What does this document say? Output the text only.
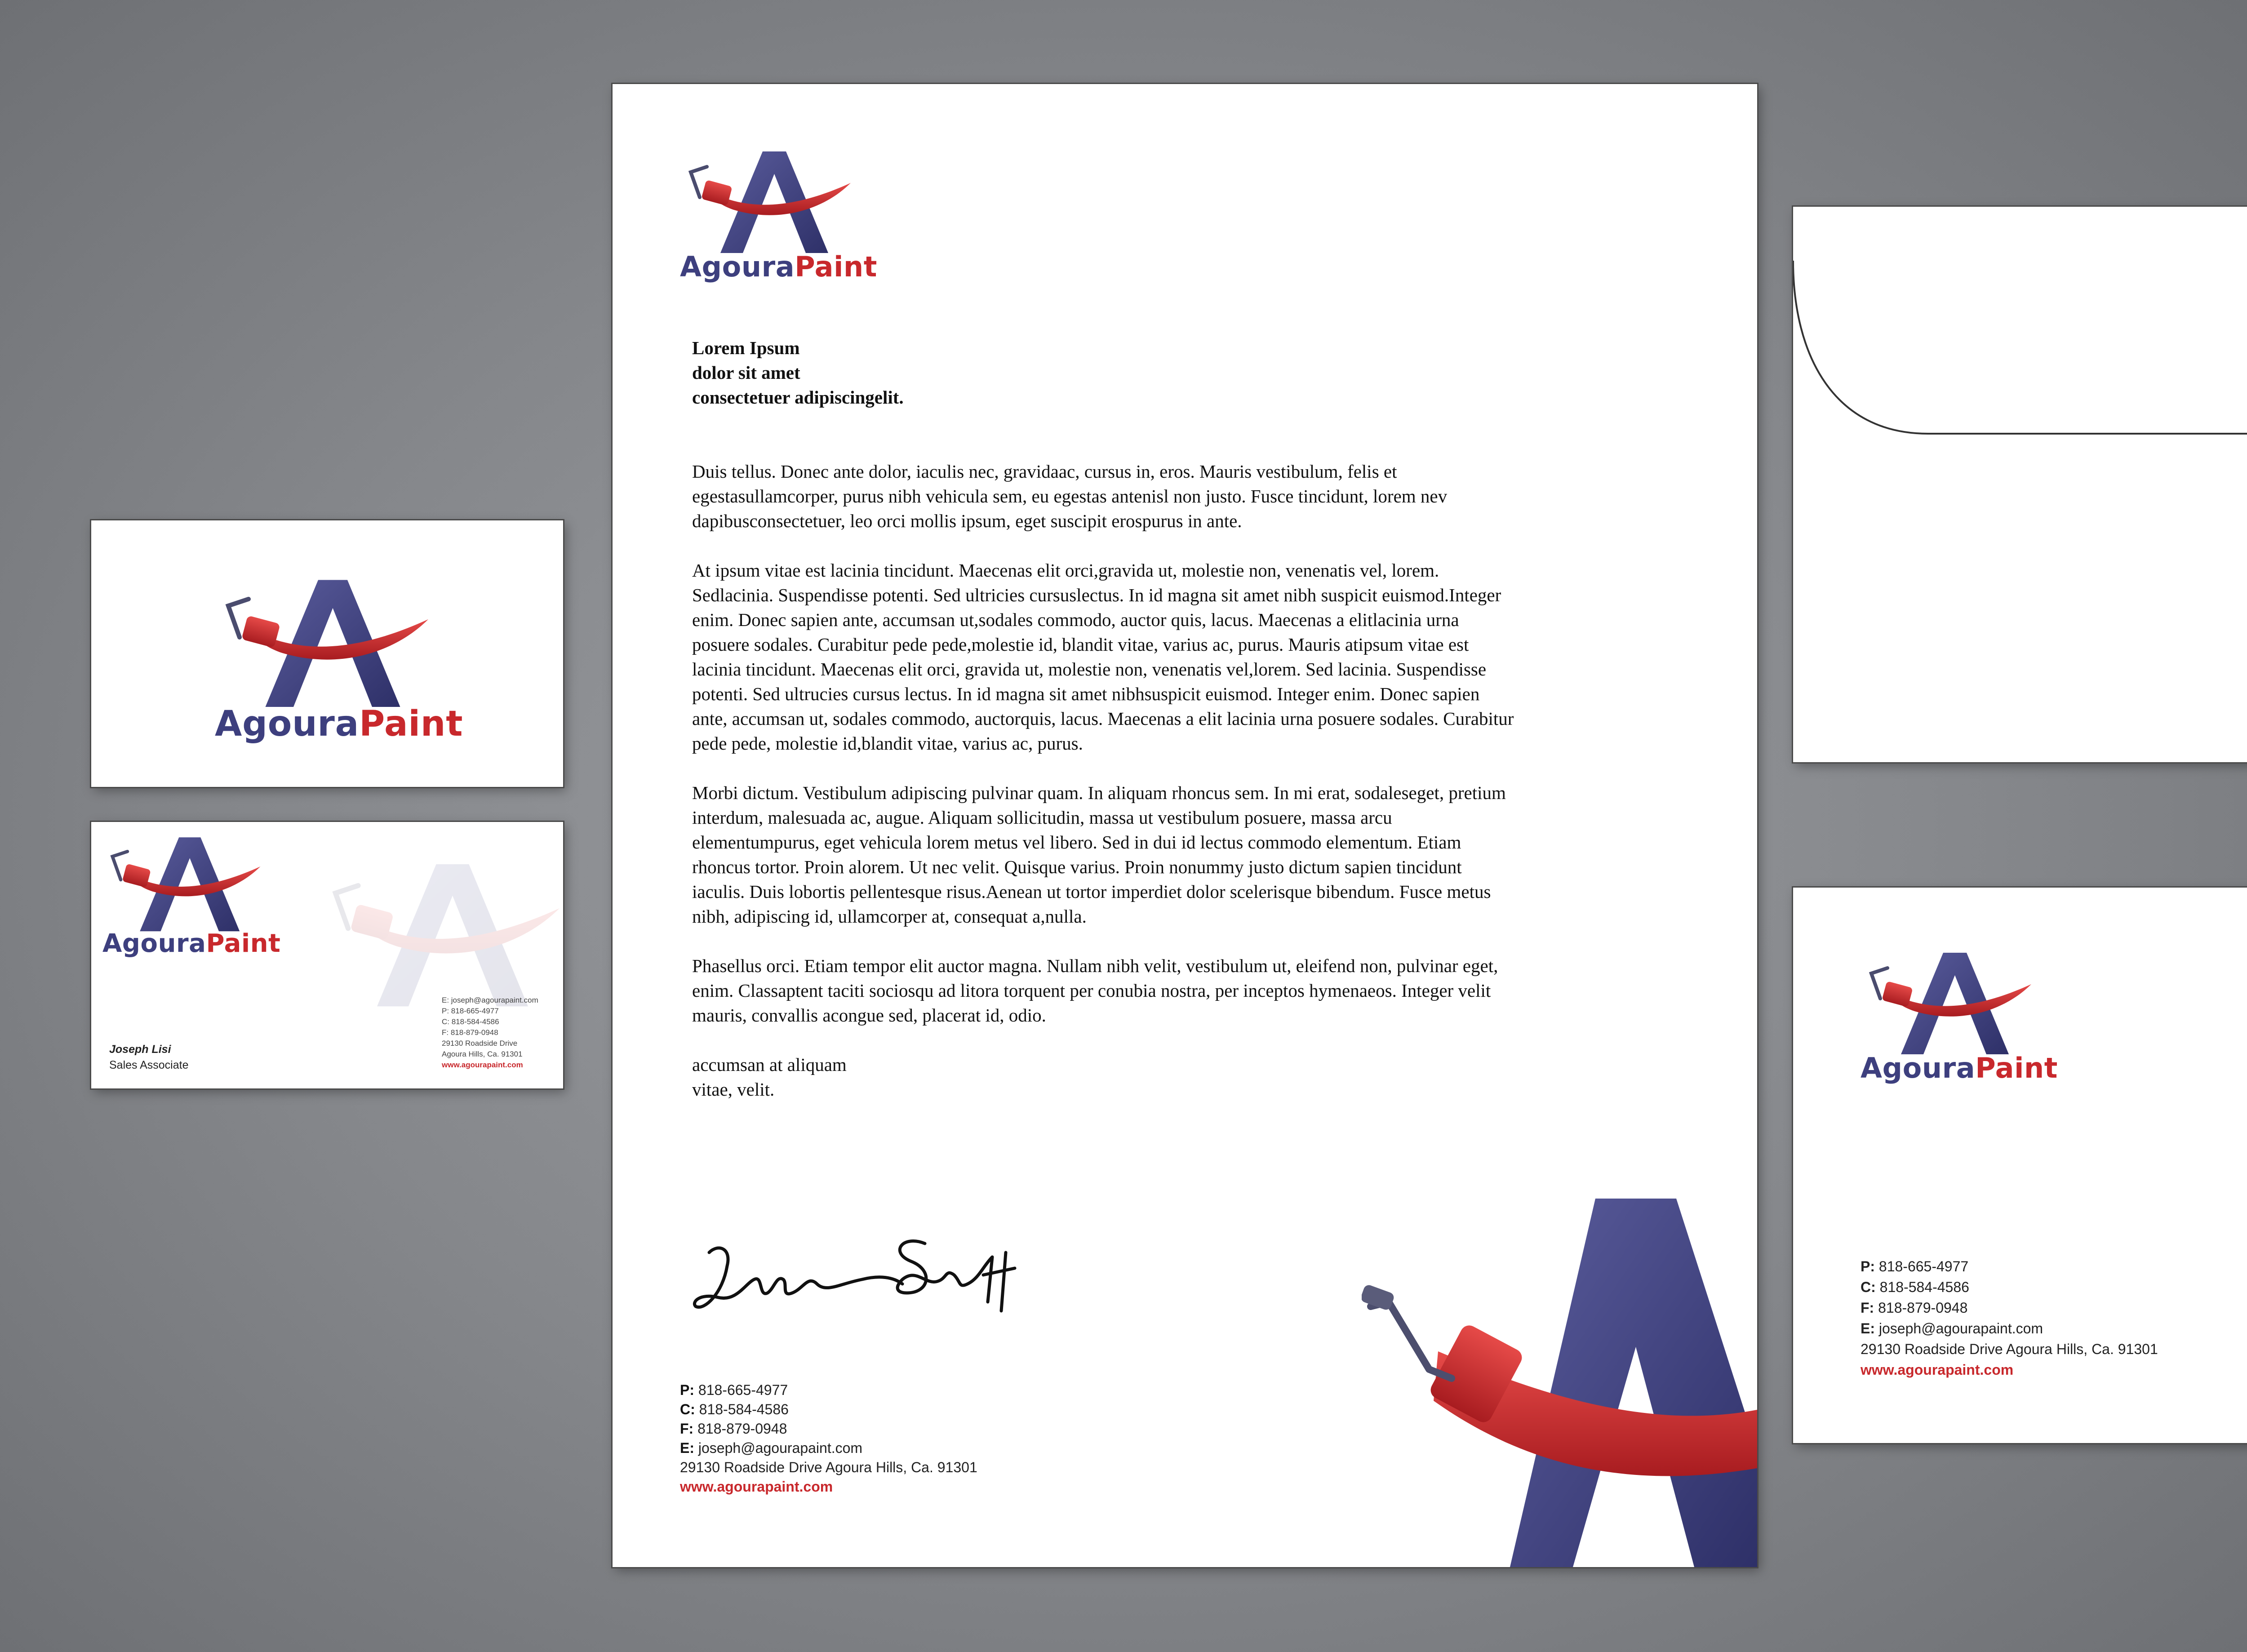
AgouraPaint
AgouraPaint
E: joseph@agourapaint.com
P: 818-665-4977
C: 818-584-4586
F: 818-879-0948
29130 Roadside Drive
Agoura Hills, Ca. 91301
www.agourapaint.com
Joseph Lisi
Sales Associate
AgouraPaint
Lorem Ipsum
dolor sit amet
consectetuer adipiscingelit.

Duis tellus. Donec ante dolor, iaculis nec, gravidaac, cursus in, eros. Mauris vestibulum, felis et egestasullamcorper, purus nibh vehicula sem, eu egestas antenisl non justo. Fusce tincidunt, lorem nev dapibusconsectetuer, leo orci mollis ipsum, eget suscipit erospurus in ante.

At ipsum vitae est lacinia tincidunt. Maecenas elit orci,gravida ut, molestie non, venenatis vel, lorem. Sedlacinia. Suspendisse potenti. Sed ultricies cursuslectus. In id magna sit amet nibh suspicit euismod.Integer enim. Donec sapien ante, accumsan ut,sodales commodo, auctor quis, lacus. Maecenas a elitlacinia urna posuere sodales. Curabitur pede pede,molestie id, blandit vitae, varius ac, purus. Mauris atipsum vitae est lacinia tincidunt. Maecenas elit orci, gravida ut, molestie non, venenatis vel,lorem. Sed lacinia. Suspendisse potenti. Sed ultrucies cursus lectus. In id magna sit amet nibhsuspicit euismod. Integer enim. Donec sapien ante, accumsan ut, sodales commodo, auctorquis, lacus. Maecenas a elit lacinia urna posuere sodales. Curabitur pede pede, molestie id,blandit vitae, varius ac, purus.

Morbi dictum. Vestibulum adipiscing pulvinar quam. In aliquam rhoncus sem. In mi erat, sodaleseget, pretium interdum, malesuada ac, augue. Aliquam sollicitudin, massa ut vestibulum posuere, massa arcu elementumpurus, eget vehicula lorem metus vel libero. Sed in dui id lectus commodo elementum. Etiam rhoncus tortor. Proin alorem. Ut nec velit. Quisque varius. Proin nonummy justo dictum sapien tincidunt iaculis. Duis lobortis pellentesque risus.Aenean ut tortor imperdiet dolor scelerisque bibendum. Fusce metus nibh, adipiscing id, ullamcorper at, consequat a,nulla.

Phasellus orci. Etiam tempor elit auctor magna. Nullam nibh velit, vestibulum ut, eleifend non, pulvinar eget, enim. Classaptent taciti sociosqu ad litora torquent per conubia nostra, per inceptos hymenaeos. Integer velit mauris, convallis acongue sed, placerat id, odio.

accumsan at aliquam
vitae, velit.
P: 818-665-4977
C: 818-584-4586
F: 818-879-0948
E: joseph@agourapaint.com
29130 Roadside Drive Agoura Hills, Ca. 91301
www.agourapaint.com
AgouraPaint
P: 818-665-4977
C: 818-584-4586
F: 818-879-0948
E: joseph@agourapaint.com
29130 Roadside Drive Agoura Hills, Ca. 91301
www.agourapaint.com
